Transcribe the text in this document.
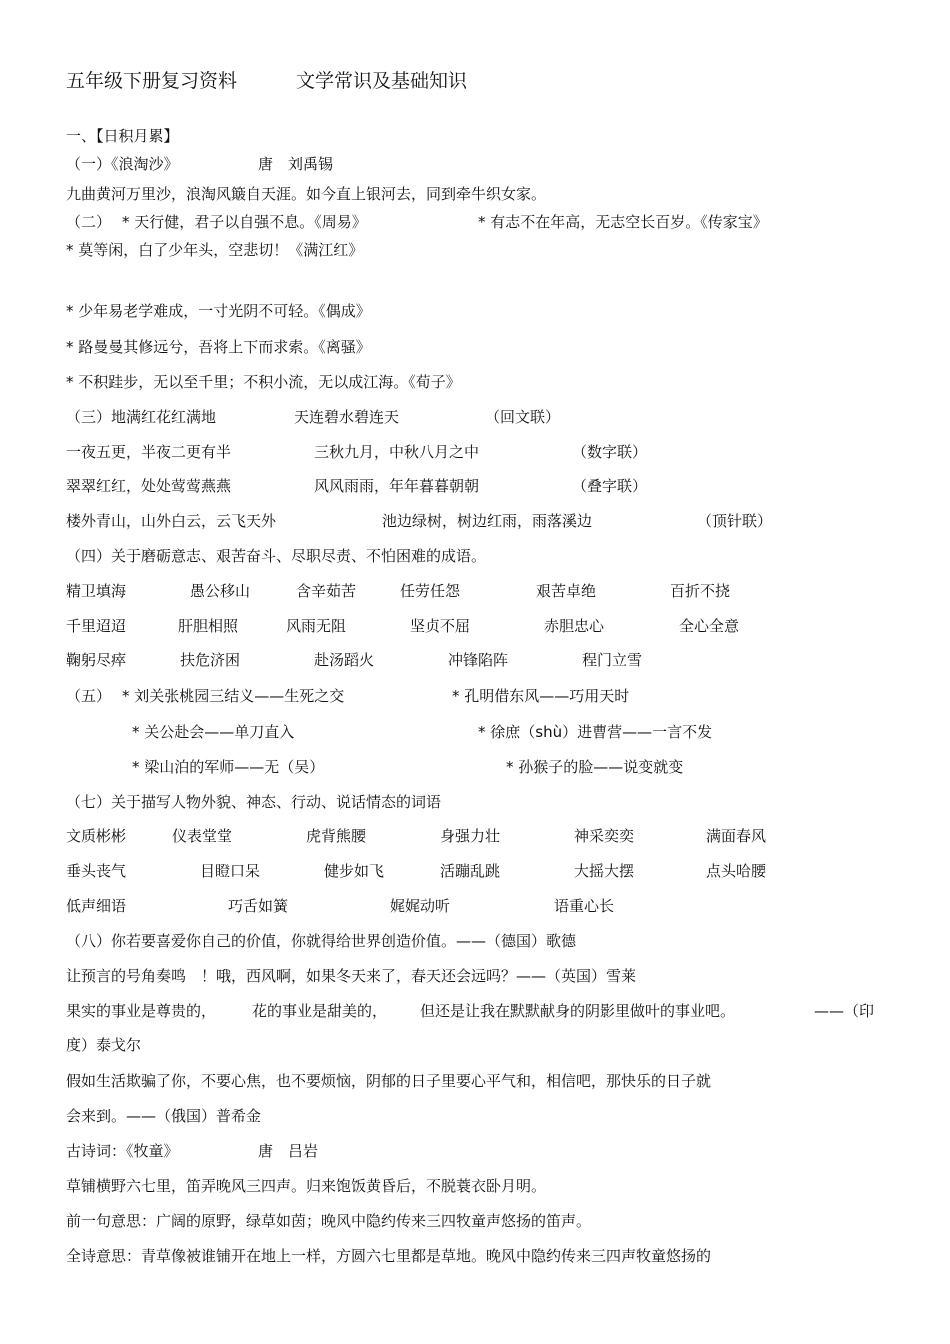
五年级下册复习资料	文学常识及基础知识
一、【日积月累】
（一）《浪淘沙》	唐　刘禹锡
九曲黄河万里沙，浪淘风簸自天涯。如今直上银河去，同到牵牛织女家。
（二） * 天行健，君子以自强不息。《周易》	* 有志不在年高，无志空长百岁。《传家宝》
* 莫等闲，白了少年头，空悲切！《满江红》
* 少年易老学难成，一寸光阴不可轻。《偶成》
* 路曼曼其修远兮，吾将上下而求索。《离骚》
* 不积跬步，无以至千里；不积小流，无以成江海。《荀子》
（三）地满红花红满地	天连碧水碧连天	（回文联）
一夜五更，半夜二更有半	三秋九月，中秋八月之中	（数字联）
翠翠红红，处处莺莺燕燕	风风雨雨，年年暮暮朝朝	（叠字联）
楼外青山，山外白云，云飞天外	池边绿树，树边红雨，雨落溪边	（顶针联）
（四）关于磨砺意志、艰苦奋斗、尽职尽责、不怕困难的成语。
精卫填海	愚公移山	含辛茹苦	任劳任怨	艰苦卓绝	百折不挠
千里迢迢	肝胆相照	风雨无阻	坚贞不屈	赤胆忠心	全心全意
鞠躬尽瘁	扶危济困	赴汤蹈火	冲锋陷阵	程门立雪
（五） * 刘关张桃园三结义——生死之交	* 孔明借东风——巧用天时
* 关公赴会——单刀直入	* 徐庶（shù）进曹营——一言不发
* 梁山泊的军师——无（吴）	* 孙猴子的脸——说变就变
（七）关于描写人物外貌、神态、行动、说话情态的词语
文质彬彬	仪表堂堂	虎背熊腰	身强力壮	神采奕奕	满面春风
垂头丧气	目瞪口呆	健步如飞	活蹦乱跳	大摇大摆	点头哈腰
低声细语	巧舌如簧	娓娓动听	语重心长
（八）你若要喜爱你自己的价值，你就得给世界创造价值。——（德国）歌德
让预言的号角奏鸣　！哦，西风啊，如果冬天来了，春天还会远吗？——（英国）雪莱
果实的事业是尊贵的， 花的事业是甜美的， 但还是让我在默默献身的阴影里做叶的事业吧。	——（印
度）泰戈尔
假如生活欺骗了你，不要心焦，也不要烦恼，阴郁的日子里要心平气和，相信吧，那快乐的日子就
会来到。——（俄国）普希金
古诗词：《牧童》	唐　吕岩
草铺横野六七里，笛弄晚风三四声。归来饱饭黄昏后，不脱蓑衣卧月明。
前一句意思：广阔的原野，绿草如茵；晚风中隐约传来三四牧童声悠扬的笛声。
全诗意思：青草像被谁铺开在地上一样，方圆六七里都是草地。晚风中隐约传来三四声牧童悠扬的
